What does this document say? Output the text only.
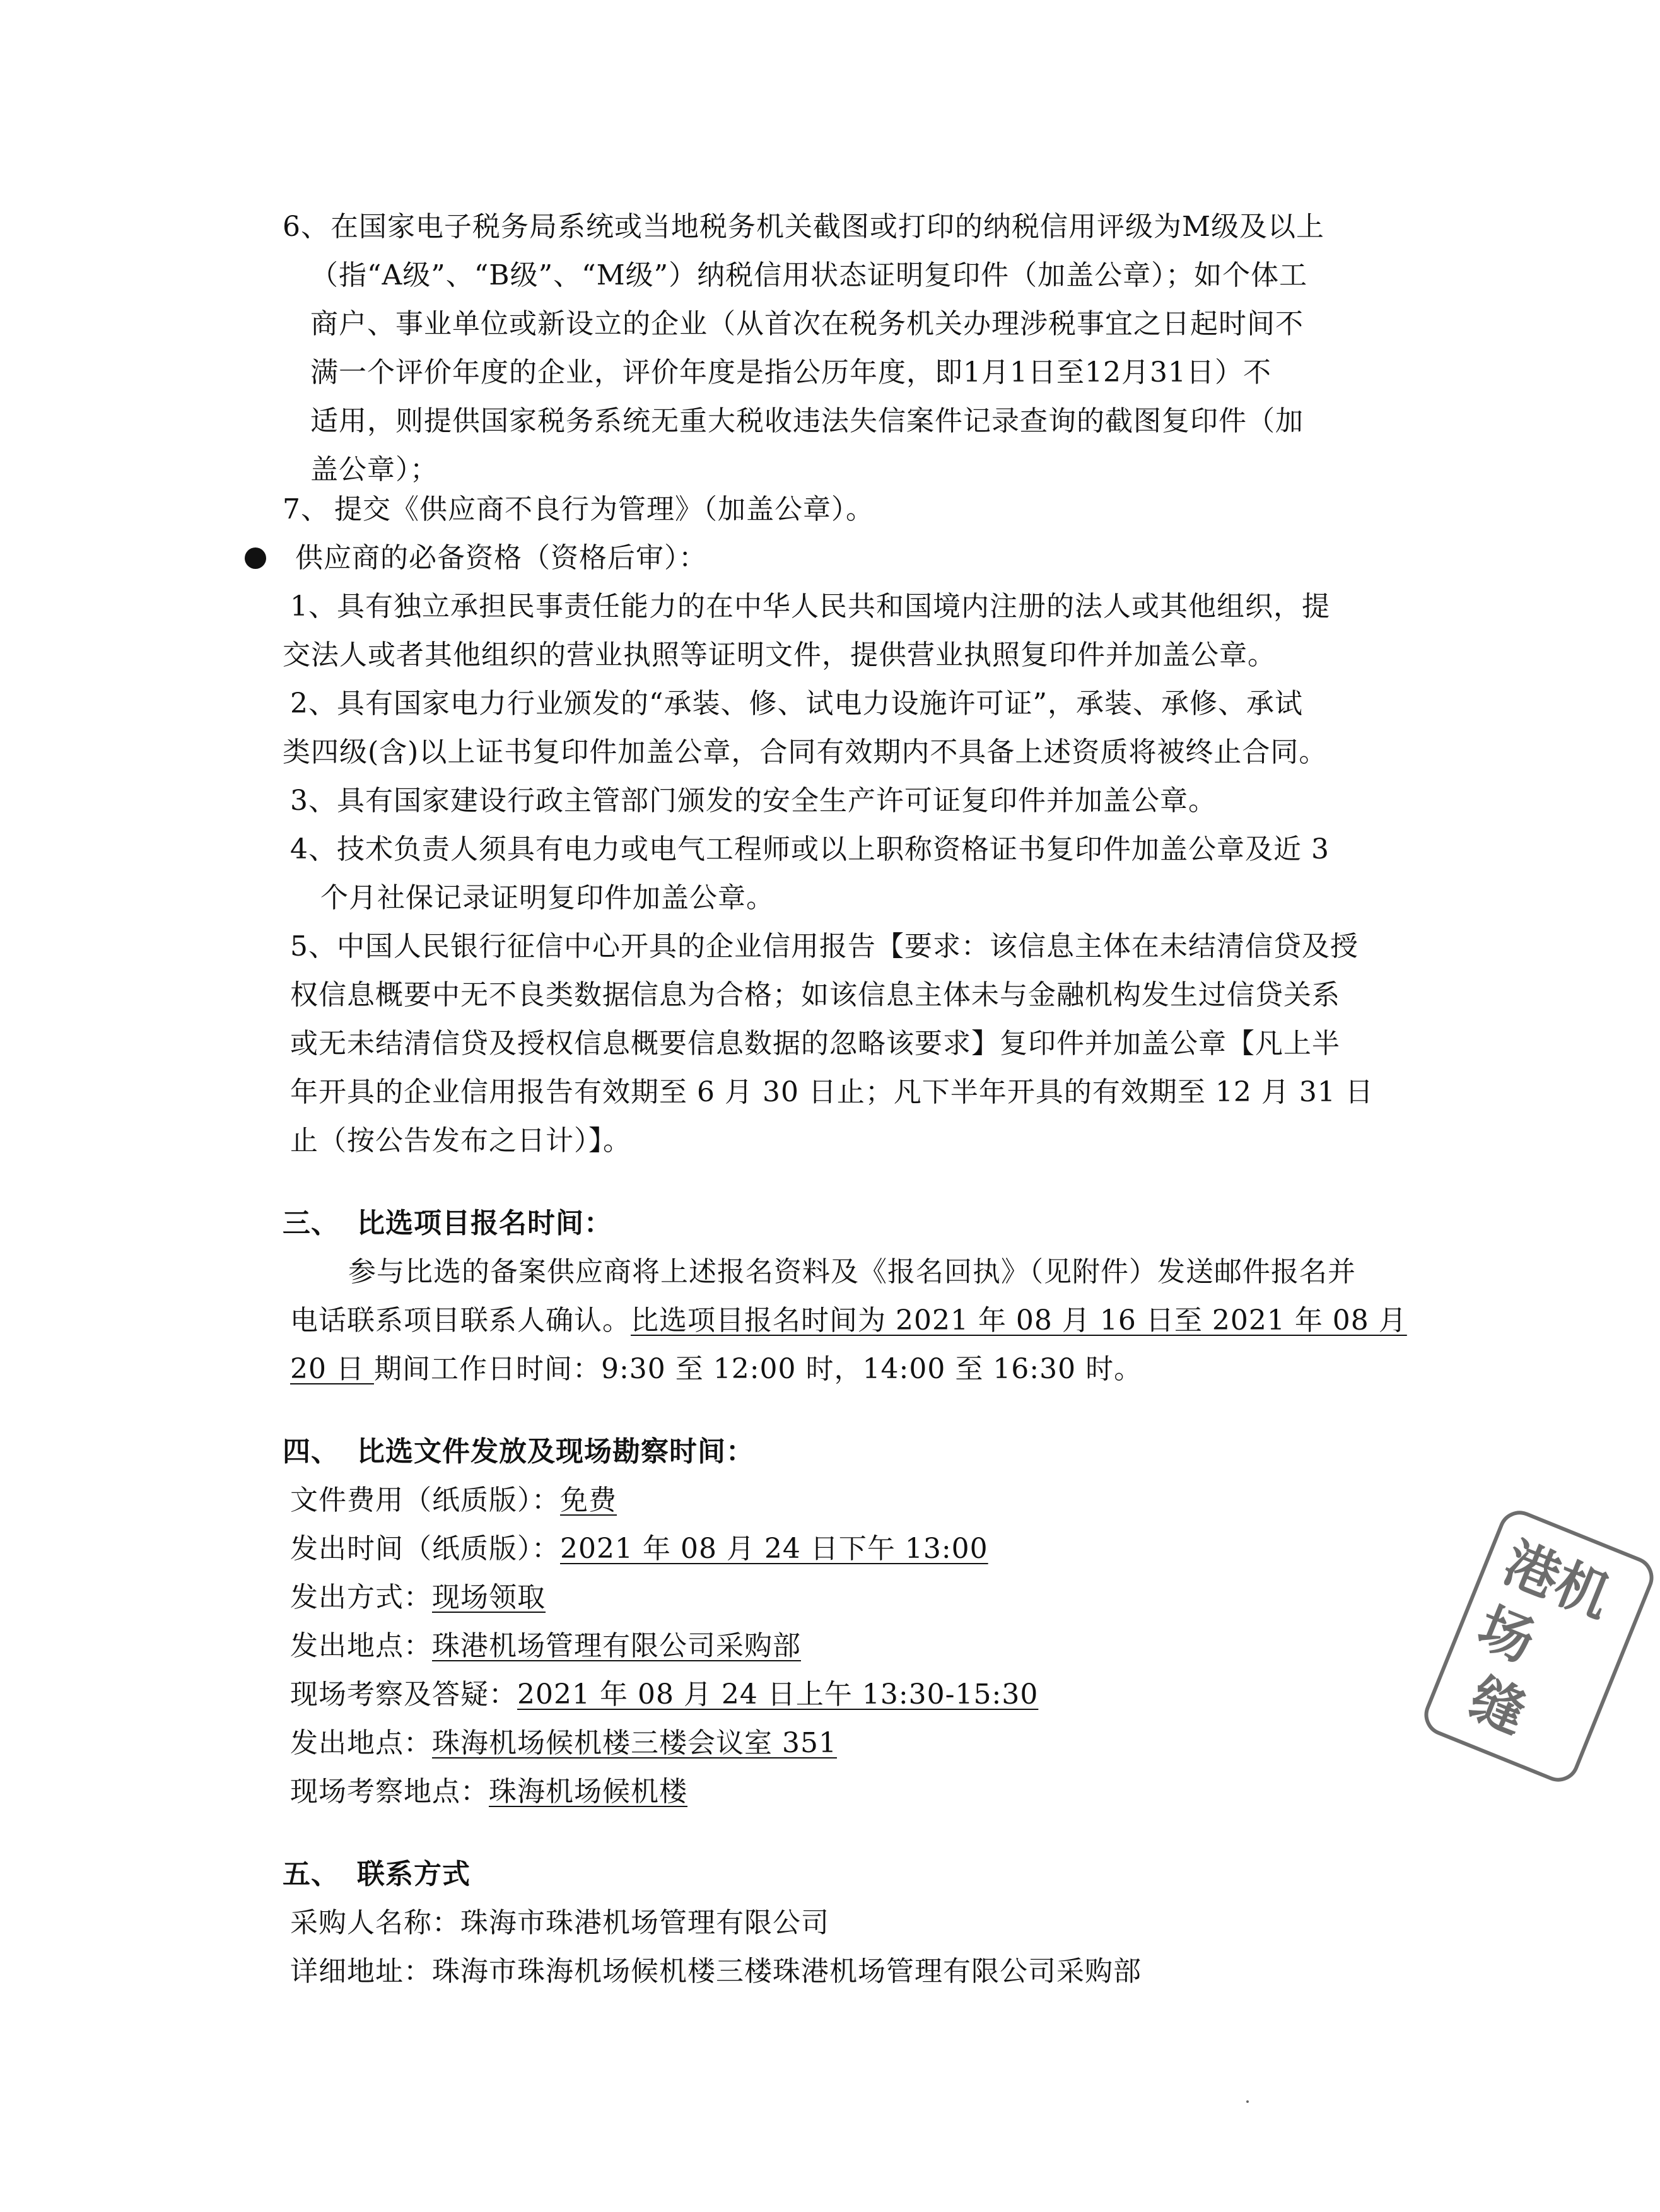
6、 在国家电子税务局系统或当地税务机关截图或打印的纳税信用评级为M级及以上
（指“A级”、“B级”、“M级”）纳税信用状态证明复印件（加盖公章）；如个体工
商户、事业单位或新设立的企业（从首次在税务机关办理涉税事宜之日起时间不
满一个评价年度的企业，评价年度是指公历年度，即1月1日至12月31日）不
适用，则提供国家税务系统无重大税收违法失信案件记录查询的截图复印件（加
盖公章）；
7、 提交《供应商不良行为管理》（加盖公章）。
供应商的必备资格（资格后审）：
1、具有独立承担民事责任能力的在中华人民共和国境内注册的法人或其他组织，提
交法人或者其他组织的营业执照等证明文件，提供营业执照复印件并加盖公章。
2、具有国家电力行业颁发的“承装、修、试电力设施许可证”，承装、承修、承试
类四级(含)以上证书复印件加盖公章，合同有效期内不具备上述资质将被终止合同。
3、具有国家建设行政主管部门颁发的安全生产许可证复印件并加盖公章。
4、技术负责人须具有电力或电气工程师或以上职称资格证书复印件加盖公章及近 3
个月社保记录证明复印件加盖公章。
5、中国人民银行征信中心开具的企业信用报告【要求：该信息主体在未结清信贷及授
权信息概要中无不良类数据信息为合格；如该信息主体未与金融机构发生过信贷关系
或无未结清信贷及授权信息概要信息数据的忽略该要求】复印件并加盖公章【凡上半
年开具的企业信用报告有效期至 6 月 30 日止；凡下半年开具的有效期至 12 月 31 日
止（按公告发布之日计）】。
三、 比选项目报名时间：
参与比选的备案供应商将上述报名资料及《报名回执》（见附件）发送邮件报名并
电话联系项目联系人确认。比选项目报名时间为 2021 年 08 月 16 日至 2021 年 08 月
20 日 期间工作日时间：9:30 至 12:00 时，14:00 至 16:30 时。
四、 比选文件发放及现场勘察时间：
文件费用（纸质版）：免费
发出时间（纸质版）：2021 年 08 月 24 日下午 13:00
发出方式：现场领取
发出地点：珠港机场管理有限公司采购部
现场考察及答疑：2021 年 08 月 24 日上午 13:30-15:30
发出地点：珠海机场候机楼三楼会议室 351
现场考察地点：珠海机场候机楼
五、 联系方式
采购人名称：珠海市珠港机场管理有限公司
详细地址：珠海市珠海机场候机楼三楼珠港机场管理有限公司采购部
港机场
缝
